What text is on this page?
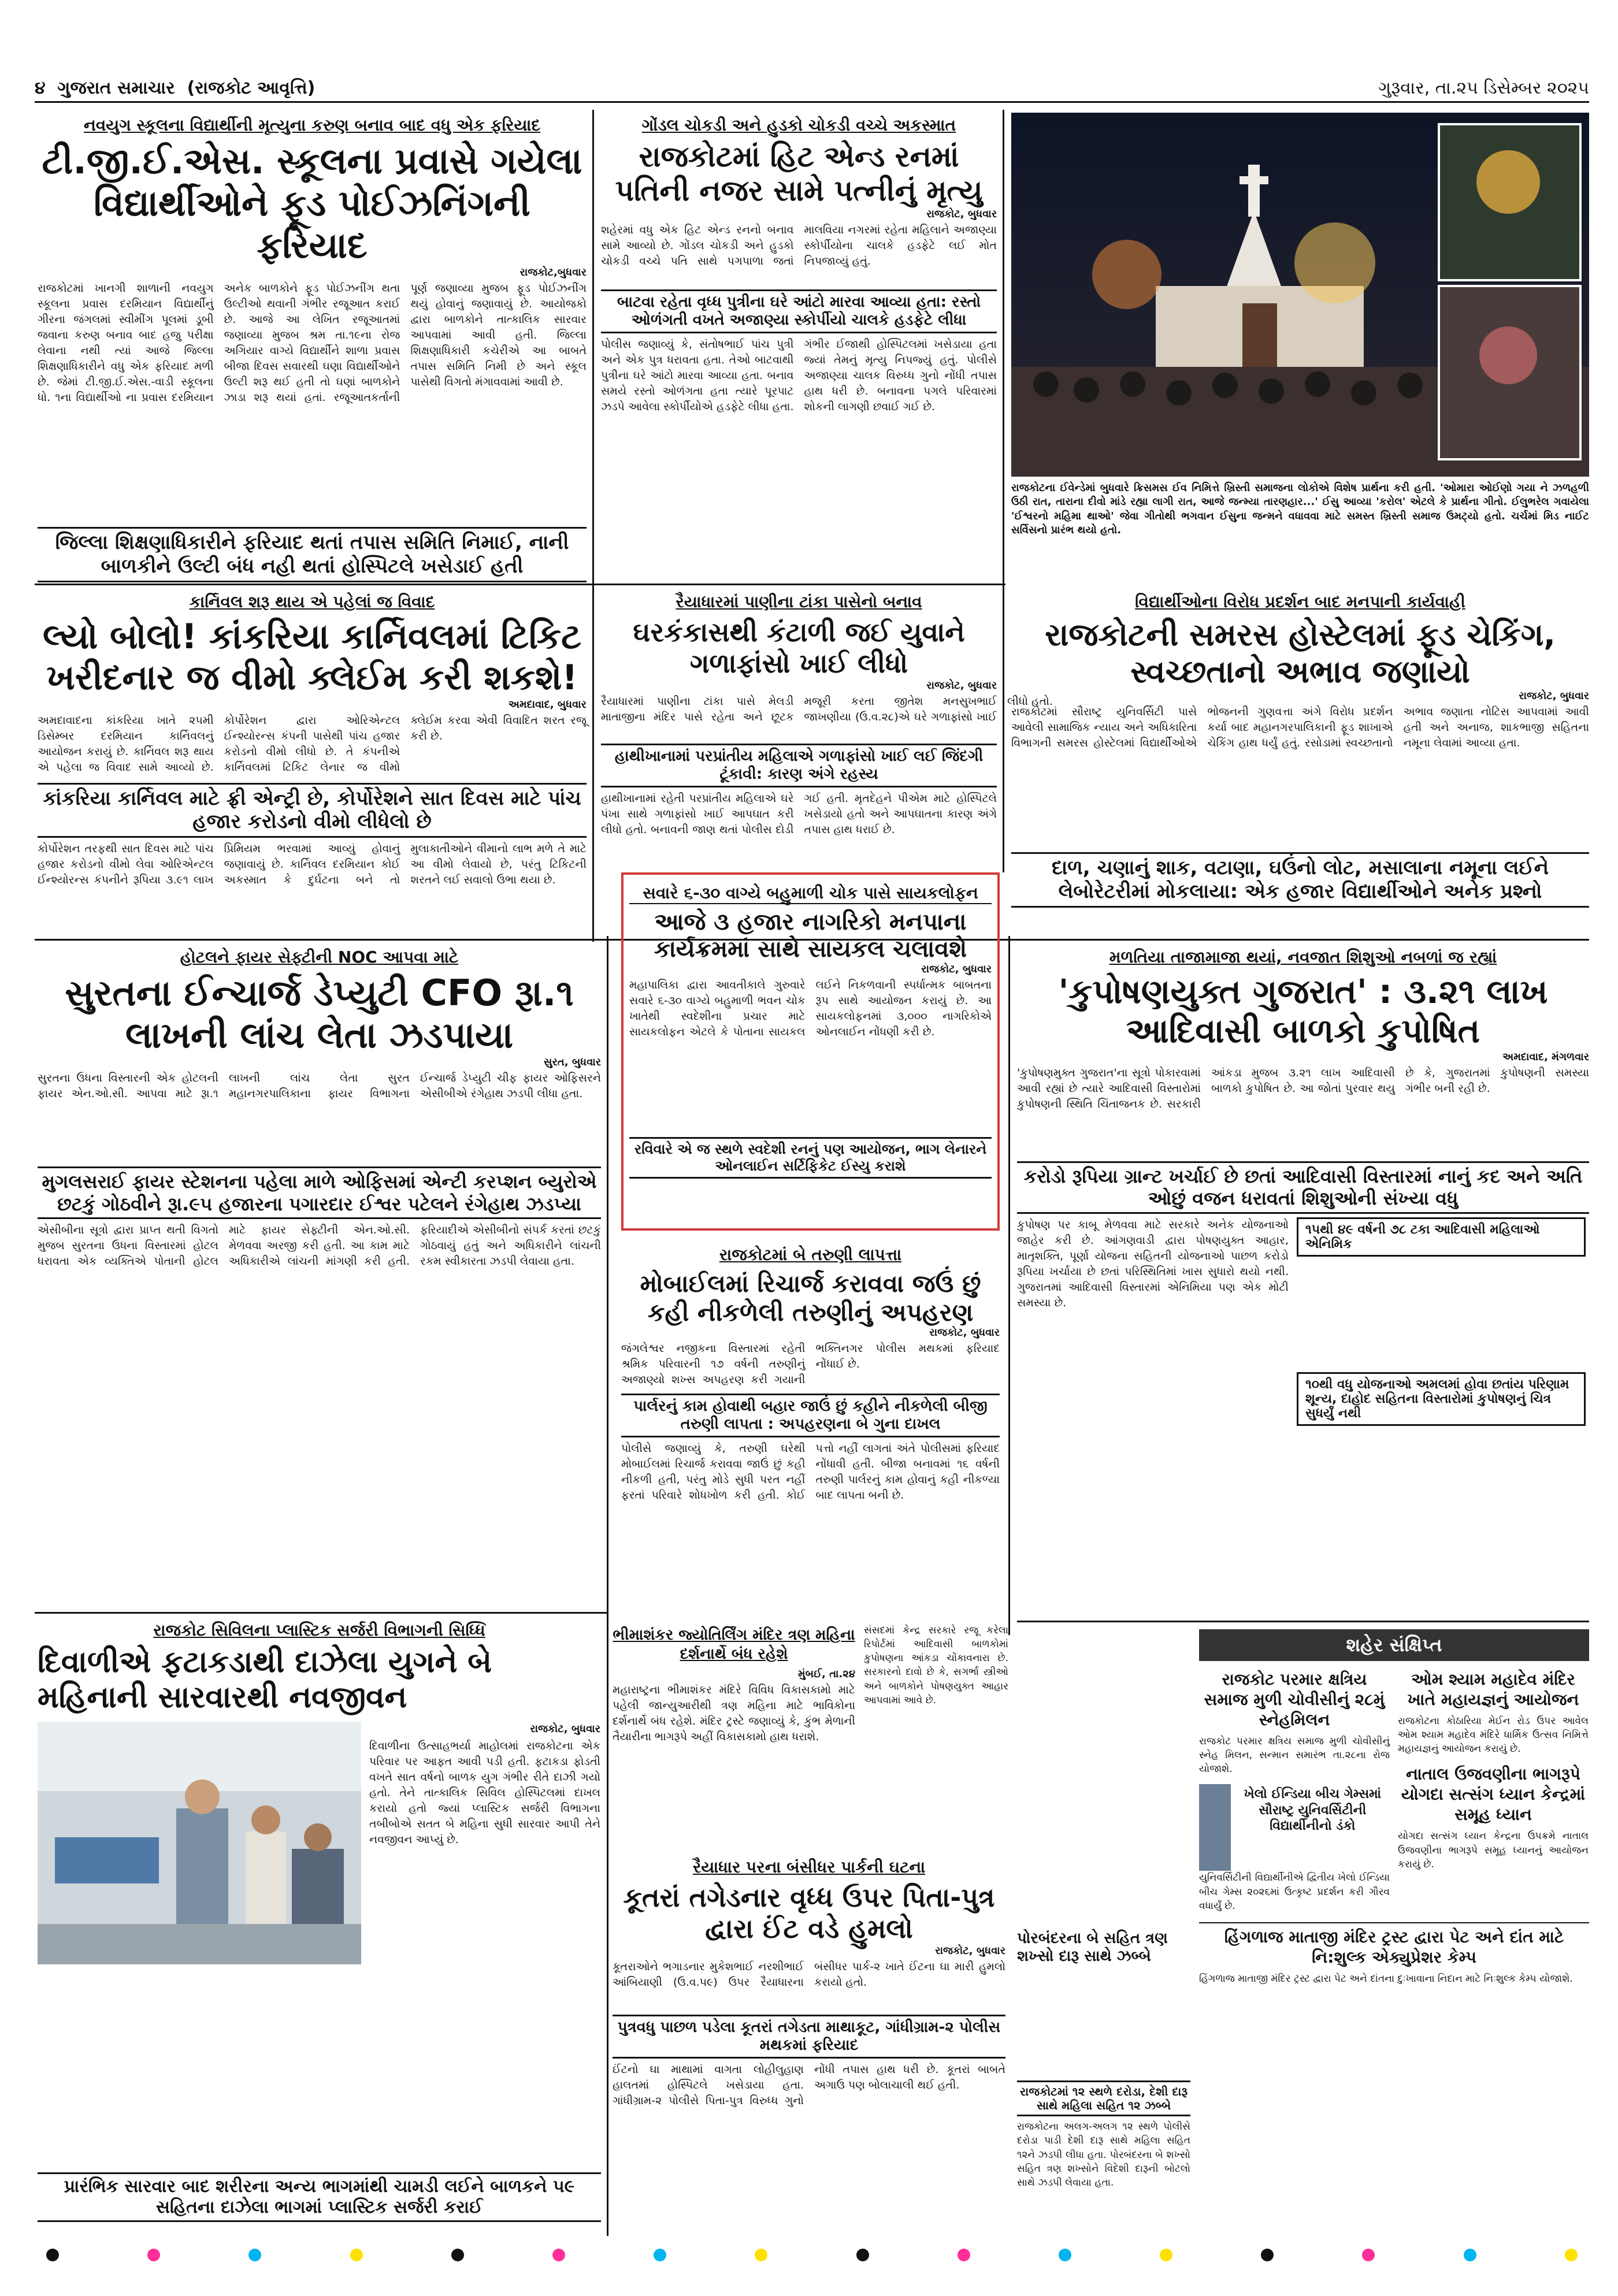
૪ ગુજરાત સમાચાર (રાજકોટ આવૃત્તિ)	ગુરૂવાર, તા.૨૫ ડિસેમ્બર ૨૦૨૫
નવયુગ સ્કૂલના વિદ્યાર્થીની મૃત્યુના કરુણ બનાવ બાદ વધુ એક ફરિયાદ
ટી.જી.ઈ.એસ. સ્કૂલના પ્રવાસે ગયેલા વિદ્યાર્થીઓને ફૂડ પોઈઝનિંગની ફરિયાદ
રાજકોટ,બુધવાર
રાજકોટમાં ખાનગી શાળાની નવયુગ સ્કૂલના પ્રવાસ દરમિયાન વિદ્યાર્થીનું ગીરના જંગલમાં સ્વીમીંગ પૂલમાં ડૂબી જવાના કરુણ બનાવ બાદ હજુ પરીક્ષા લેવાના નથી ત્યાં આજે જિલ્લા શિક્ષણાધિકારીને વધુ એક ફરિયાદ મળી છે. જેમાં ટી.જી.ઈ.એસ.-વાડી સ્કૂલના ધો. ૧ના વિદ્યાર્થીઓ ના પ્રવાસ દરમિયાન અનેક બાળકોને ફૂડ પોઈઝનીંગ થતા ઉલ્ટીઓ થવાની ગંભીર રજૂઆત કરાઈ છે. આજે આ લેખિત રજૂઆતમાં જણાવ્યા મુજબ શ્રમ તા.૧૯ના રોજ અગિયાર વાગ્યે વિદ્યાર્થીને શાળા પ્રવાસ બીજા દિવસ સવારથી ઘણા વિદ્યાર્થીઓને ઉલ્ટી શરૂ થઈ હતી તો ઘણાં બાળકોને ઝાડા શરૂ થયાં હતાં. રજૂઆતકર્તાની પૂર્ણ જણાવ્યા મુજબ ફૂડ પોઈઝનીંગ થયું હોવાનું જણાવાયું છે. આયોજકો દ્વારા બાળકોને તાત્કાલિક સારવાર આપવામાં આવી હતી. જિલ્લા શિક્ષણાધિકારી કચેરીએ આ બાબતે તપાસ સમિતિ નિમી છે અને સ્કૂલ પાસેથી વિગતો મંગાવવામાં આવી છે.
જિલ્લા શિક્ષણાધિકારીને ફરિયાદ થતાં તપાસ સમિતિ નિમાઈ, નાની બાળકીને ઉલ્ટી બંધ નહી થતાં હોસ્પિટલે ખસેડાઈ હતી
ગોંડલ ચોકડી અને હુડકો ચોકડી વચ્ચે અકસ્માત
રાજકોટમાં હિટ એન્ડ રનમાં પતિની નજર સામે પત્નીનું મૃત્યુ
રાજકોટ, બુધવાર
શહેરમાં વધુ એક હિટ એન્ડ રનનો બનાવ સામે આવ્યો છે. ગોંડલ ચોકડી અને હુડકો ચોકડી વચ્ચે પતિ સાથે પગપાળા જતાં માલવિયા નગરમાં રહેતા મહિલાને અજાણ્યા સ્કોર્પીયોના ચાલકે હડફેટે લઈ મોત નિપજાવ્યું હતું.
બાટવા રહેતા વૃધ્ધ પુત્રીના ઘરે આંટો મારવા આવ્યા હતા: રસ્તો ઓળંગતી વખતે અજાણ્યા સ્કોર્પીયો ચાલકે હડફેટે લીધા
પોલીસ જણાવ્યું કે, સંતોષભાઈ પાંચ પુત્રી અને એક પુત્ર ધરાવતા હતા. તેઓ બાટવાથી પુત્રીના ઘરે આંટો મારવા આવ્યા હતા. બનાવ સમયે રસ્તો ઓળંગતા હતા ત્યારે પૂરપાટ ઝડપે આવેલા સ્કોર્પીયોએ હડફેટે લીધા હતા. ગંભીર ઈજાથી હોસ્પિટલમાં ખસેડાયા હતા જ્યાં તેમનું મૃત્યુ નિપજ્યું હતું. પોલીસે અજાણ્યા ચાલક વિરુધ્ધ ગુનો નોંધી તપાસ હાથ ધરી છે. બનાવના પગલે પરિવારમાં શોકની લાગણી છવાઈ ગઈ છે.
રાજકોટના ઈવેન્ડેમાં બુધવારે ક્રિસમસ ઈવ નિમિત્તે ખ્રિસ્તી સમાજના લોકોએ વિશેષ પ્રાર્થના કરી હતી. 'ઓમારા ઓઈણો ગયા ને ઝળહળી ઉઠી રાત, તારાના દીવો માંડે રહ્યા લાગી રાત, આજે જન્મ્યા તારણહાર...' ઈસુ આવ્યા 'કરોલ' એટલે કે પ્રાર્થના ગીતો. ઈલુભરેલ ગવાયેલા 'ઈશ્વરનો મહિમા થાઓ' જેવા ગીતોથી ભગવાન ઈસુના જન્મને વધાવવા માટે સમસ્ત ખ્રિસ્તી સમાજ ઉમટ્યો હતો. ચર્ચમાં મિડ નાઈટ સર્વિસનો પ્રારંભ થયો હતો.
કાર્નિવલ શરૂ થાય એ પહેલાં જ વિવાદ
લ્યો બોલો! કાંકરિયા કાર્નિવલમાં ટિકિટ ખરીદનાર જ વીમો ક્લેઈમ કરી શકશે!
અમદાવાદ, બુધવાર
અમદાવાદના કાંકરિયા ખાતે ૨૫મી ડિસેમ્બર દરમિયાન કાર્નિવલનું આયોજન કરાયું છે. કાર્નિવલ શરૂ થાય એ પહેલા જ વિવાદ સામે આવ્યો છે. કોર્પોરેશન દ્વારા ઓરિએન્ટલ ઈન્શ્યોરન્સ કંપની પાસેથી પાંચ હજાર કરોડનો વીમો લીધો છે. તે કંપનીએ કાર્નિવલમાં ટિકિટ લેનાર જ વીમો ક્લેઈમ કરવા એવી વિવાદિત શરત રજૂ કરી છે.
કાંકરિયા કાર્નિવલ માટે ફ્રી એન્ટ્રી છે, કોર્પોરેશને સાત દિવસ માટે પાંચ હજાર કરોડનો વીમો લીધેલો છે
કોર્પોરેશન તરફથી સાત દિવસ માટે પાંચ હજાર કરોડનો વીમો લેવા ઓરિએન્ટલ ઈન્શ્યોરન્સ કંપનીને રૂપિયા ૩.૯૧ લાખ પ્રિમિયમ ભરવામાં આવ્યું હોવાનું જણાવાયું છે. કાર્નિવલ દરમિયાન કોઈ અકસ્માત કે દુર્ઘટના બને તો મુલાકાતીઓને વીમાનો લાભ મળે તે માટે આ વીમો લેવાયો છે, પરંતુ ટિકિટની શરતને લઈ સવાલો ઉભા થયા છે.
રૈયાધારમાં પાણીના ટાંકા પાસેનો બનાવ
ઘરકંકાસથી કંટાળી જઈ યુવાને ગળાફાંસો ખાઈ લીધો
રાજકોટ, બુધવાર
રૈયાધારમાં પાણીના ટાંકા પાસે મેલડી માતાજીના મંદિર પાસે રહેતા અને છૂટક મજૂરી કરતા જીતેશ મનસુખભાઈ જાખણીયા (ઉ.વ.૨૮)એ ઘરે ગળાફાંસો ખાઈ લીધો હતો.
હાથીખાનામાં પરપ્રાંતીય મહિલાએ ગળાફાંસો ખાઈ લઈ જિંદગી ટૂંકાવી: કારણ અંગે રહસ્ય
હાથીખાનામાં રહેતી પરપ્રાંતીય મહિલાએ ઘરે પંખા સાથે ગળાફાંસો ખાઈ આપઘાત કરી લીધો હતો. બનાવની જાણ થતાં પોલીસ દોડી ગઈ હતી. મૃતદેહને પીએમ માટે હોસ્પિટલે ખસેડાયો હતો અને આપઘાતના કારણ અંગે તપાસ હાથ ધરાઈ છે.
વિદ્યાર્થીઓના વિરોધ પ્રદર્શન બાદ મનપાની કાર્યવાહી
રાજકોટની સમરસ હોસ્ટેલમાં ફૂડ ચેકિંગ, સ્વચ્છતાનો અભાવ જણાયો
રાજકોટ, બુધવાર
રાજકોટમાં સૌરાષ્ટ્ર યુનિવર્સિટી પાસે આવેલી સામાજિક ન્યાય અને અધિકારિતા વિભાગની સમરસ હોસ્ટેલમાં વિદ્યાર્થીઓએ ભોજનની ગુણવત્તા અંગે વિરોધ પ્રદર્શન કર્યા બાદ મહાનગરપાલિકાની ફૂડ શાખાએ ચેકિંગ હાથ ધર્યું હતું. રસોડામાં સ્વચ્છતાનો અભાવ જણાતા નોટિસ આપવામાં આવી હતી અને અનાજ, શાકભાજી સહિતના નમૂના લેવામાં આવ્યા હતા.
દાળ, ચણાનું શાક, વટાણા, ઘઉંનો લોટ, મસાલાના નમૂના લઈને લેબોરેટરીમાં મોકલાયા: એક હજાર વિદ્યાર્થીઓને અનેક પ્રશ્નો
સવારે ૬-૩૦ વાગ્યે બહુમાળી ચોક પાસે સાયકલોફન
આજે ૩ હજાર નાગરિકો મનપાના કાર્યક્રમમાં સાથે સાયકલ ચલાવશે
રાજકોટ, બુધવાર
મહાપાલિકા દ્વારા આવતીકાલે ગુરુવારે સવારે ૬-૩૦ વાગ્યે બહુમાળી ભવન ચોક ખાતેથી સ્વદેશીના પ્રચાર માટે સાયકલોફન એટલે કે પોતાના સાયકલ લઈને નિકળવાની સ્પર્ધાત્મક બાબતના રૂપ સાથે આયોજન કરાયું છે. આ સાયકલોફનમાં ૩,૦૦૦ નાગરિકોએ ઓનલાઈન નોંધણી કરી છે.
રવિવારે એ જ સ્થળે સ્વદેશી રનનું પણ આયોજન, ભાગ લેનારને ઓનલાઈન સર્ટિફિકેટ ઈસ્યુ કરાશે
હોટલને ફાયર સેફ્ટીની NOC આપવા માટે
સુરતના ઈન્ચાર્જ ડેપ્યુટી CFO રૂા.૧ લાખની લાંચ લેતા ઝડપાયા
સુરત, બુધવાર
સુરતના ઉધના વિસ્તારની એક હોટલની ફાયર એન.ઓ.સી. આપવા માટે રૂા.૧ લાખની લાંચ લેતા સુરત મહાનગરપાલિકાના ફાયર વિભાગના ઈન્ચાર્જ ડેપ્યુટી ચીફ ફાયર ઓફિસરને એસીબીએ રંગેહાથ ઝડપી લીધા હતા.
મુગલસરાઈ ફાયર સ્ટેશનના પહેલા માળે ઓફિસમાં એન્ટી કરપ્શન બ્યુરોએ છટકું ગોઠવીને રૂા.૯૫ હજારના પગારદાર ઈશ્વર પટેલને રંગેહાથ ઝડપ્યા
એસીબીના સૂત્રો દ્વારા પ્રાપ્ત થતી વિગતો મુજબ સુરતના ઉધના વિસ્તારમાં હોટલ ધરાવતા એક વ્યક્તિએ પોતાની હોટલ માટે ફાયર સેફ્ટીની એન.ઓ.સી. મેળવવા અરજી કરી હતી. આ કામ માટે અધિકારીએ લાંચની માંગણી કરી હતી. ફરિયાદીએ એસીબીનો સંપર્ક કરતાં છટકું ગોઠવાયું હતું અને અધિકારીને લાંચની રકમ સ્વીકારતા ઝડપી લેવાયા હતા.
મળતિયા તાજામાજા થયાં, નવજાત શિશુઓ નબળાં જ રહ્યાં
'કુપોષણયુક્ત ગુજરાત' : ૩.૨૧ લાખ આદિવાસી બાળકો કુપોષિત
અમદાવાદ, મંગળવાર
'કુપોષણમુક્ત ગુજરાત'ના સૂત્રો પોકારવામાં આવી રહ્યાં છે ત્યારે આદિવાસી વિસ્તારોમાં કુપોષણની સ્થિતિ ચિંતાજનક છે. સરકારી આંકડા મુજબ ૩.૨૧ લાખ આદિવાસી બાળકો કુપોષિત છે. આ જોતાં પુરવાર થયુ છે કે, ગુજરાતમાં કુપોષણની સમસ્યા ગંભીર બની રહી છે.
કરોડો રૂપિયા ગ્રાન્ટ ખર્ચાઈ છે છતાં આદિવાસી વિસ્તારમાં નાનું કદ અને અતિ ઓછું વજન ધરાવતાં શિશુઓની સંખ્યા વધુ
કુપોષણ પર કાબૂ મેળવવા માટે સરકારે અનેક યોજનાઓ જાહેર કરી છે. આંગણવાડી દ્વારા પોષણયુક્ત આહાર, માતૃશક્તિ, પૂર્ણા યોજના સહિતની યોજનાઓ પાછળ કરોડો રૂપિયા ખર્ચાયા છે છતાં પરિસ્થિતિમાં ખાસ સુધારો થયો નથી. ગુજરાતમાં આદિવાસી વિસ્તારમાં એનિમિયા પણ એક મોટી સમસ્યા છે.
૧૫થી ૪૯ વર્ષની ૭૮ ટકા આદિવાસી મહિલાઓ એનિમિક ૧૦થી વધુ યોજનાઓ અમલમાં હોવા છતાંય પરિણામ શૂન્ય, દાહોદ સહિતના વિસ્તારોમાં કુપોષણનું ચિત્ર સુધર્યું નથી
રાજકોટમાં બે તરુણી લાપત્તા
મોબાઈલમાં રિચાર્જ કરાવવા જઉં છું કહી નીકળેલી તરુણીનું અપહરણ
રાજકોટ, બુધવાર
જંગલેશ્વર નજીકના વિસ્તારમાં રહેતી શ્રમિક પરિવારની ૧૭ વર્ષની તરુણીનું અજાણ્યો શખ્સ અપહરણ કરી ગયાની ભક્તિનગર પોલીસ મથકમાં ફરિયાદ નોંધાઈ છે.
પાર્લરનું કામ હોવાથી બહાર જાઉં છું કહીને નીકળેલી બીજી તરુણી લાપતા : અપહરણના બે ગુના દાખલ
પોલીસે જણાવ્યું કે, તરુણી ઘરેથી મોબાઈલમાં રિચાર્જ કરાવવા જાઉં છું કહી નીકળી હતી, પરંતુ મોડે સુધી પરત નહીં ફરતાં પરિવારે શોધખોળ કરી હતી. કોઈ પત્તો નહીં લાગતાં અંતે પોલીસમાં ફરિયાદ નોંધાવી હતી. બીજા બનાવમાં ૧૬ વર્ષની તરુણી પાર્લરનું કામ હોવાનું કહી નીકળ્યા બાદ લાપતા બની છે.
રાજકોટ સિવિલના પ્લાસ્ટિક સર્જરી વિભાગની સિધ્ધિ
દિવાળીએ ફટાકડાથી દાઝેલા યુગને બે મહિનાની સારવારથી નવજીવન
રાજકોટ, બુધવાર
દિવાળીના ઉત્સાહભર્યા માહોલમાં રાજકોટના એક પરિવાર પર આફત આવી પડી હતી. ફટાકડા ફોડતી વખતે સાત વર્ષનો બાળક યુગ ગંભીર રીતે દાઝી ગયો હતો. તેને તાત્કાલિક સિવિલ હોસ્પિટલમાં દાખલ કરાયો હતો જ્યાં પ્લાસ્ટિક સર્જરી વિભાગના તબીબોએ સતત બે મહિના સુધી સારવાર આપી તેને નવજીવન આપ્યું છે.
પ્રારંભિક સારવાર બાદ શરીરના અન્ય ભાગમાંથી ચામડી લઈને બાળકને ૫૯ સહિતના દાઝેલા ભાગમાં પ્લાસ્ટિક સર્જરી કરાઈ
ભીમાશંકર જ્યોતિર્લિંગ મંદિર ત્રણ મહિના દર્શનાર્થે બંધ રહેશે
મુંબઈ, તા.૨૪
મહારાષ્ટ્રના ભીમાશંકર મંદિરે વિવિધ વિકાસકામો માટે પહેલી જાન્યુઆરીથી ત્રણ મહિના માટે ભાવિકોના દર્શનાર્થે બંધ રહેશે. મંદિર ટ્રસ્ટે જણાવ્યું કે, કુંભ મેળાની તૈયારીના ભાગરૂપે અહીં વિકાસકામો હાથ ધરાશે.
રૈયાધાર પરના બંસીધર પાર્કની ઘટના
કૂતરાં તગેડનાર વૃધ્ધ ઉપર પિતા-પુત્ર દ્વારા ઈંટ વડે હુમલો
રાજકોટ, બુધવાર
કૂતરાઓને ભગાડનાર મુકેશભાઈ નરશીભાઈ આંબિયાણી (ઉ.વ.૫૯) ઉપર રૈયાધારના બંસીધર પાર્ક-૨ ખાતે ઈંટના ઘા મારી હુમલો કરાયો હતો.
પુત્રવધુ પાછળ પડેલા કૂતરાં તગેડતા માથાકૂટ, ગાંધીગ્રામ-૨ પોલીસ મથકમાં ફરિયાદ
ઈંટનો ઘા માથામાં વાગતા લોહીલુહાણ હાલતમાં હોસ્પિટલે ખસેડાયા હતા. ગાંધીગ્રામ-૨ પોલીસે પિતા-પુત્ર વિરુધ્ધ ગુનો નોંધી તપાસ હાથ ધરી છે. કૂતરાં બાબતે અગાઉ પણ બોલાચાલી થઈ હતી.
સંસદમાં કેન્દ્ર સરકારે રજૂ કરેલા રિપોર્ટમાં આદિવાસી બાળકોમાં કુપોષણના આંકડા ચોંકાવનારા છે. સરકારનો દાવો છે કે, સગર્ભા સ્ત્રીઓ અને બાળકોને પોષણયુક્ત આહાર આપવામાં આવે છે.
પોરબંદરના બે સહિત ત્રણ શખ્સો દારૂ સાથે ઝબ્બે
રાજકોટમાં ૧૨ સ્થળે દરોડા, દેશી દારૂ સાથે મહિલા સહિત ૧૨ ઝબ્બે
રાજકોટના અલગ-અલગ ૧૨ સ્થળે પોલીસે દરોડા પાડી દેશી દારૂ સાથે મહિલા સહિત ૧૨ને ઝડપી લીધા હતા. પોરબંદરના બે શખ્સો સહિત ત્રણ શખ્સોને વિદેશી દારૂની બોટલો સાથે ઝડપી લેવાયા હતા.
શહેર સંક્ષિપ્ત
રાજકોટ પરમાર ક્ષત્રિય સમાજ મુળી ચોવીસીનું ૨૮મું સ્નેહમિલન
રાજકોટ પરમાર ક્ષત્રિય સમાજ મુળી ચોવીસીનું સ્નેહ મિલન, સન્માન સમારંભ તા.૨૮ના રોજ યોજાશે.
ખેલો ઈન્ડિયા બીચ ગેમ્સમાં સૌરાષ્ટ્ર યુનિવર્સિટીની વિદ્યાર્થીનીનો ડંકો
યુનિવર્સિટીની વિદ્યાર્થીનીએ દ્વિતીય ખેલો ઈન્ડિયા બીચ ગેમ્સ ૨૦૨૬માં ઉત્કૃષ્ટ પ્રદર્શન કરી ગૌરવ વધાર્યું છે.
ઓમ શ્યામ મહાદેવ મંદિર ખાતે મહાયજ્ઞનું આયોજન
રાજકોટના કોઠારિયા મેઈન રોડ ઉપર આવેલ ઓમ શ્યામ મહાદેવ મંદિરે ધાર્મિક ઉત્સવ નિમિત્તે મહાયજ્ઞનું આયોજન કરાયું છે.
નાતાલ ઉજવણીના ભાગરૂપે યોગદા સત્સંગ ધ્યાન કેન્દ્રમાં સમૂહ ધ્યાન
યોગદા સત્સંગ ધ્યાન કેન્દ્રના ઉપક્રમે નાતાલ ઉજવણીના ભાગરૂપે સમૂહ ધ્યાનનું આયોજન કરાયું છે.
હિંગળાજ માતાજી મંદિર ટ્રસ્ટ દ્વારા પેટ અને દાંત માટે નિ:શુલ્ક એક્યુપ્રેશર કેમ્પ
હિંગળાજ માતાજી મંદિર ટ્રસ્ટ દ્વારા પેટ અને દાંતના દુઃખાવાના નિદાન માટે નિઃશુલ્ક કેમ્પ યોજાશે.
